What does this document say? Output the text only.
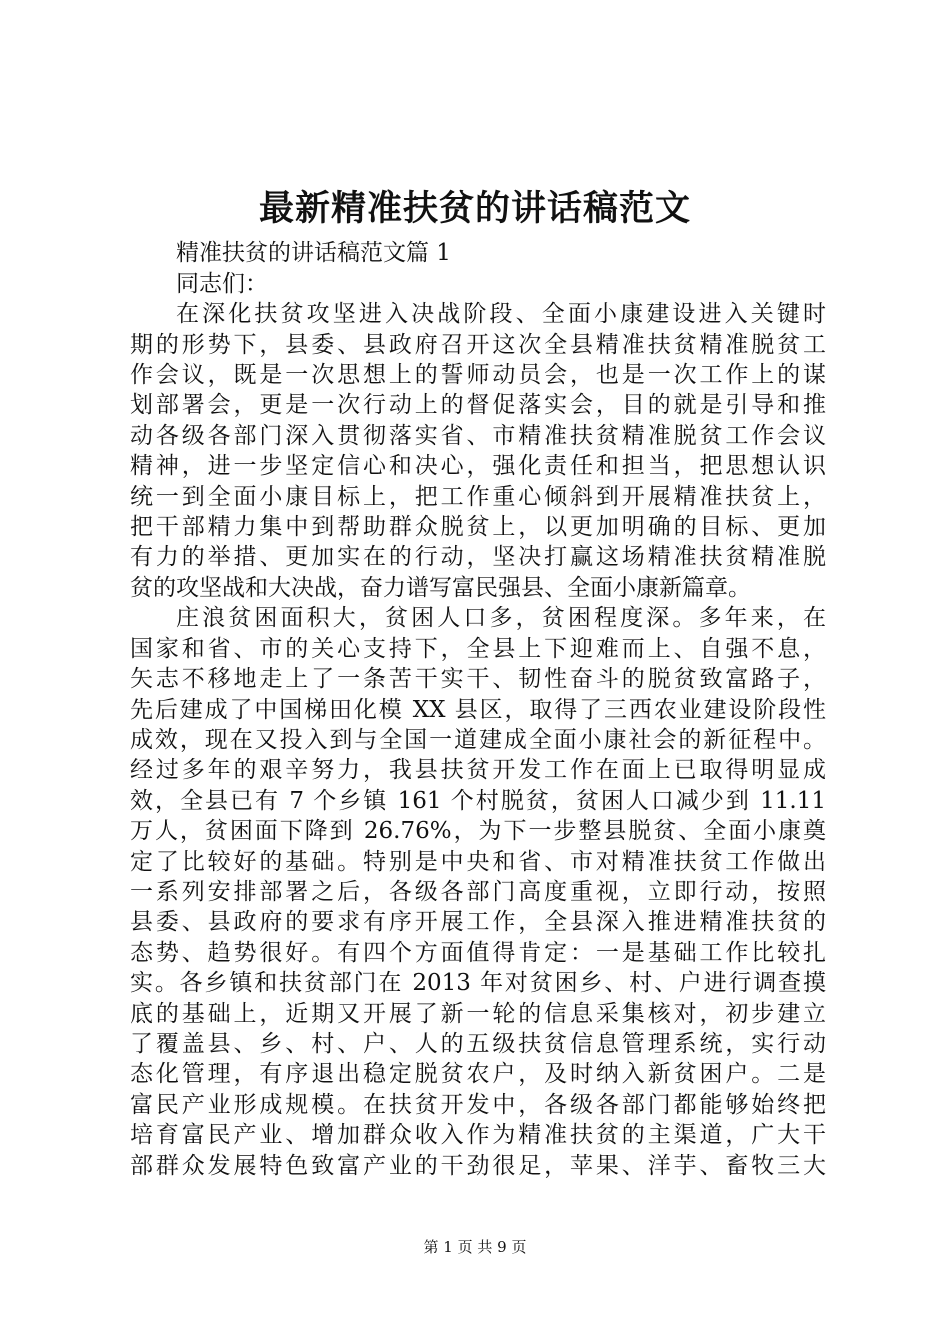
最新精准扶贫的讲话稿范文

精准扶贫的讲话稿范文篇 1
同志们：
在深化扶贫攻坚进入决战阶段、全面小康建设进入关键时
期的形势下，县委、县政府召开这次全县精准扶贫精准脱贫工
作会议，既是一次思想上的誓师动员会，也是一次工作上的谋
划部署会，更是一次行动上的督促落实会，目的就是引导和推
动各级各部门深入贯彻落实省、市精准扶贫精准脱贫工作会议
精神，进一步坚定信心和决心，强化责任和担当，把思想认识
统一到全面小康目标上，把工作重心倾斜到开展精准扶贫上，
把干部精力集中到帮助群众脱贫上，以更加明确的目标、更加
有力的举措、更加实在的行动，坚决打赢这场精准扶贫精准脱
贫的攻坚战和大决战，奋力谱写富民强县、全面小康新篇章。
庄浪贫困面积大，贫困人口多，贫困程度深。多年来，在
国家和省、市的关心支持下，全县上下迎难而上、自强不息，
矢志不移地走上了一条苦干实干、韧性奋斗的脱贫致富路子，
先后建成了中国梯田化模 XX 县区，取得了三西农业建设阶段性
成效，现在又投入到与全国一道建成全面小康社会的新征程中。
经过多年的艰辛努力，我县扶贫开发工作在面上已取得明显成
效，全县已有 7 个乡镇 161 个村脱贫，贫困人口减少到 11.11
万人，贫困面下降到 26.76%，为下一步整县脱贫、全面小康奠
定了比较好的基础。特别是中央和省、市对精准扶贫工作做出
一系列安排部署之后，各级各部门高度重视，立即行动，按照
县委、县政府的要求有序开展工作，全县深入推进精准扶贫的
态势、趋势很好。有四个方面值得肯定：一是基础工作比较扎
实。各乡镇和扶贫部门在 2013 年对贫困乡、村、户进行调查摸
底的基础上，近期又开展了新一轮的信息采集核对，初步建立
了覆盖县、乡、村、户、人的五级扶贫信息管理系统，实行动
态化管理，有序退出稳定脱贫农户，及时纳入新贫困户。二是
富民产业形成规模。在扶贫开发中，各级各部门都能够始终把
培育富民产业、增加群众收入作为精准扶贫的主渠道，广大干
部群众发展特色致富产业的干劲很足，苹果、洋芋、畜牧三大
第 1 页 共 9 页
